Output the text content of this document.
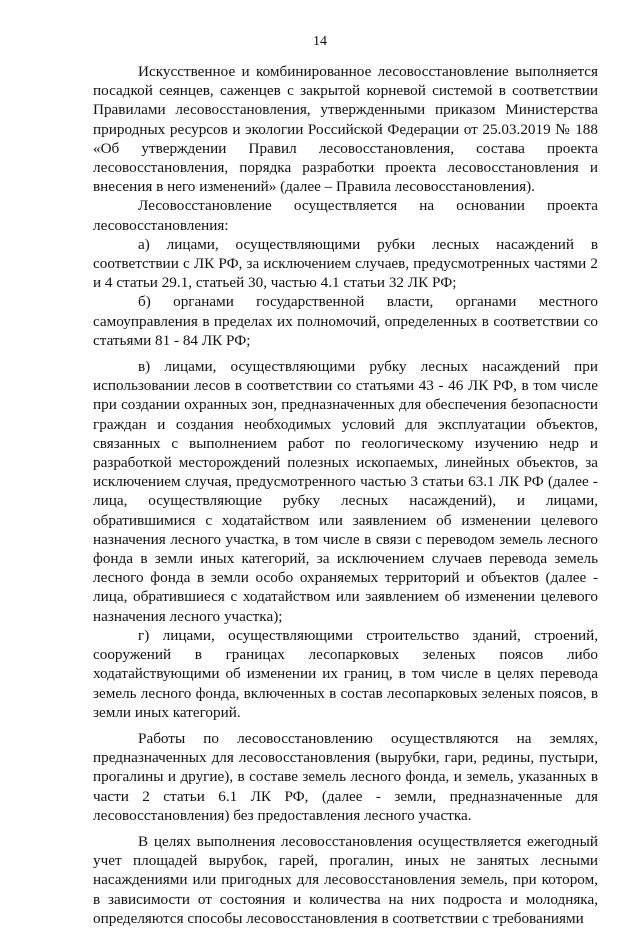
14

Искусственное и комбинированное лесовосстановление выполняется посадкой сеянцев, саженцев с закрытой корневой системой в соответствии Правилами лесовосстановления, утвержденными приказом Министерства природных ресурсов и экологии Российской Федерации от 25.03.2019 № 188 «Об утверждении Правил лесовосстановления, состава проекта лесовосстановления, порядка разработки проекта лесовосстановления и внесения в него изменений» (далее – Правила лесовосстановления).

Лесовосстановление осуществляется на основании проекта лесовосстановления:

а) лицами, осуществляющими рубки лесных насаждений в соответствии с ЛК РФ, за исключением случаев, предусмотренных частями 2 и 4 статьи 29.1, статьей 30, частью 4.1 статьи 32 ЛК РФ;

б) органами государственной власти, органами местного самоуправления в пределах их полномочий, определенных в соответствии со статьями 81 - 84 ЛК РФ;

в) лицами, осуществляющими рубку лесных насаждений при использовании лесов в соответствии со статьями 43 - 46 ЛК РФ, в том числе при создании охранных зон, предназначенных для обеспечения безопасности граждан и создания необходимых условий для эксплуатации объектов, связанных с выполнением работ по геологическому изучению недр и разработкой месторождений полезных ископаемых, линейных объектов, за исключением случая, предусмотренного частью 3 статьи 63.1 ЛК РФ (далее - лица, осуществляющие рубку лесных насаждений), и лицами, обратившимися с ходатайством или заявлением об изменении целевого назначения лесного участка, в том числе в связи с переводом земель лесного фонда в земли иных категорий, за исключением случаев перевода земель лесного фонда в земли особо охраняемых территорий и объектов (далее - лица, обратившиеся с ходатайством или заявлением об изменении целевого назначения лесного участка);

г) лицами, осуществляющими строительство зданий, строений, сооружений в границах лесопарковых зеленых поясов либо ходатайствующими об изменении их границ, в том числе в целях перевода земель лесного фонда, включенных в состав лесопарковых зеленых поясов, в земли иных категорий.

Работы по лесовосстановлению осуществляются на землях, предназначенных для лесовосстановления (вырубки, гари, редины, пустыри, прогалины и другие), в составе земель лесного фонда, и земель, указанных в части 2 статьи 6.1 ЛК РФ, (далее - земли, предназначенные для лесовосстановления) без предоставления лесного участка.

В целях выполнения лесовосстановления осуществляется ежегодный учет площадей вырубок, гарей, прогалин, иных не занятых лесными насаждениями или пригодных для лесовосстановления земель, при котором, в зависимости от состояния и количества на них подроста и молодняка, определяются способы лесовосстановления в соответствии с требованиями
